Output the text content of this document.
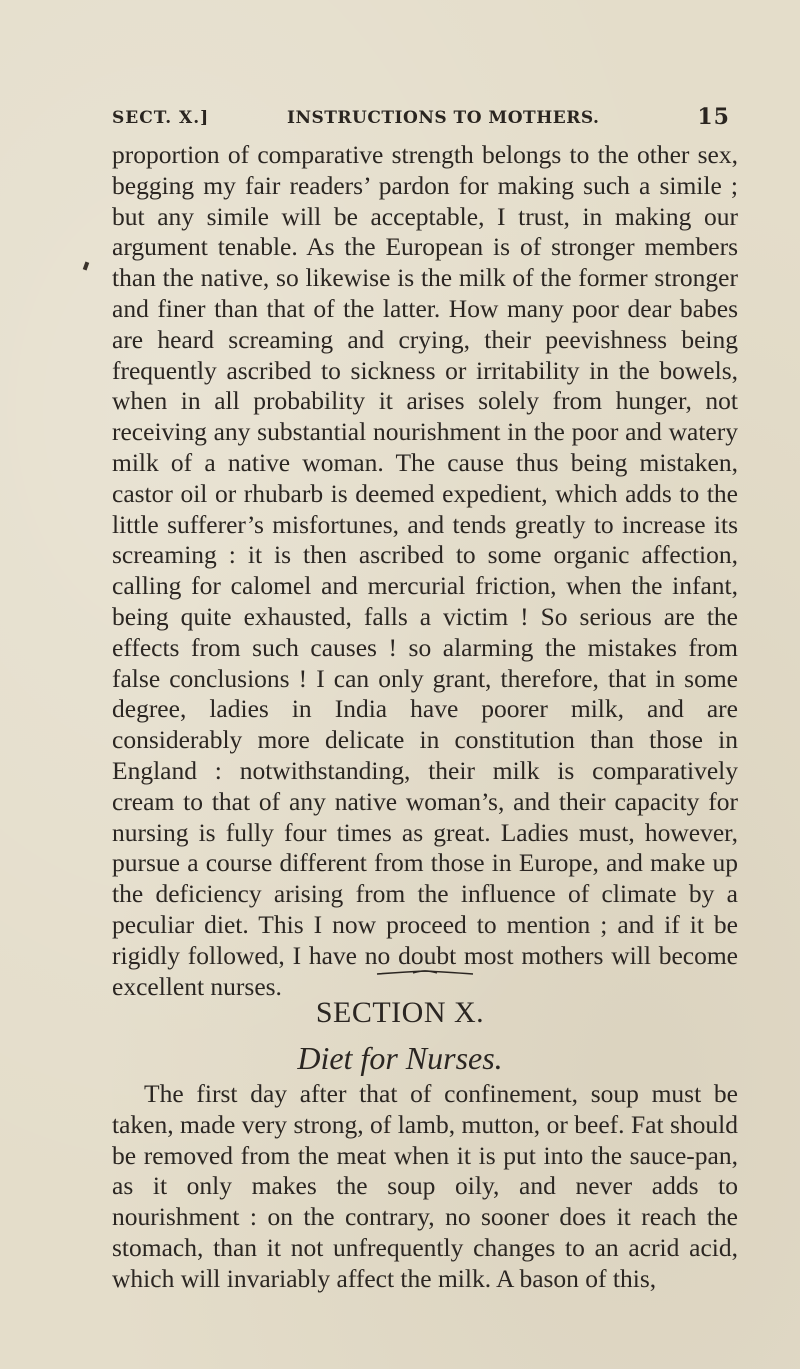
SECT. X.]	INSTRUCTIONS TO MOTHERS.	15

proportion of comparative strength belongs to the other sex, begging my fair readers’ pardon for making such a simile ; but any simile will be acceptable, I trust, in making our argument tenable. As the European is of stronger members than the native, so likewise is the milk of the former stronger and finer than that of the latter. How many poor dear babes are heard screaming and crying, their peevishness being frequently ascribed to sickness or irritability in the bowels, when in all probability it arises solely from hunger, not receiving any substantial nourishment in the poor and watery milk of a native woman. The cause thus being mistaken, castor oil or rhubarb is deemed expedient, which adds to the little sufferer’s misfortunes, and tends greatly to increase its screaming : it is then ascribed to some organic affection, calling for calomel and mercurial friction, when the infant, being quite exhausted, falls a victim ! So serious are the effects from such causes ! so alarming the mistakes from false conclusions ! I can only grant, therefore, that in some degree, ladies in India have poorer milk, and are considerably more delicate in constitution than those in England : notwithstanding, their milk is comparatively cream to that of any native woman’s, and their capacity for nursing is fully four times as great. Ladies must, however, pursue a course different from those in Europe, and make up the deficiency arising from the influence of climate by a peculiar diet. This I now proceed to mention ; and if it be rigidly followed, I have no doubt most mothers will become excellent nurses.

SECTION X.
Diet for Nurses.

The first day after that of confinement, soup must be taken, made very strong, of lamb, mutton, or beef. Fat should be removed from the meat when it is put into the sauce-pan, as it only makes the soup oily, and never adds to nourishment : on the contrary, no sooner does it reach the stomach, than it not unfrequently changes to an acrid acid, which will invariably affect the milk. A bason of this,
